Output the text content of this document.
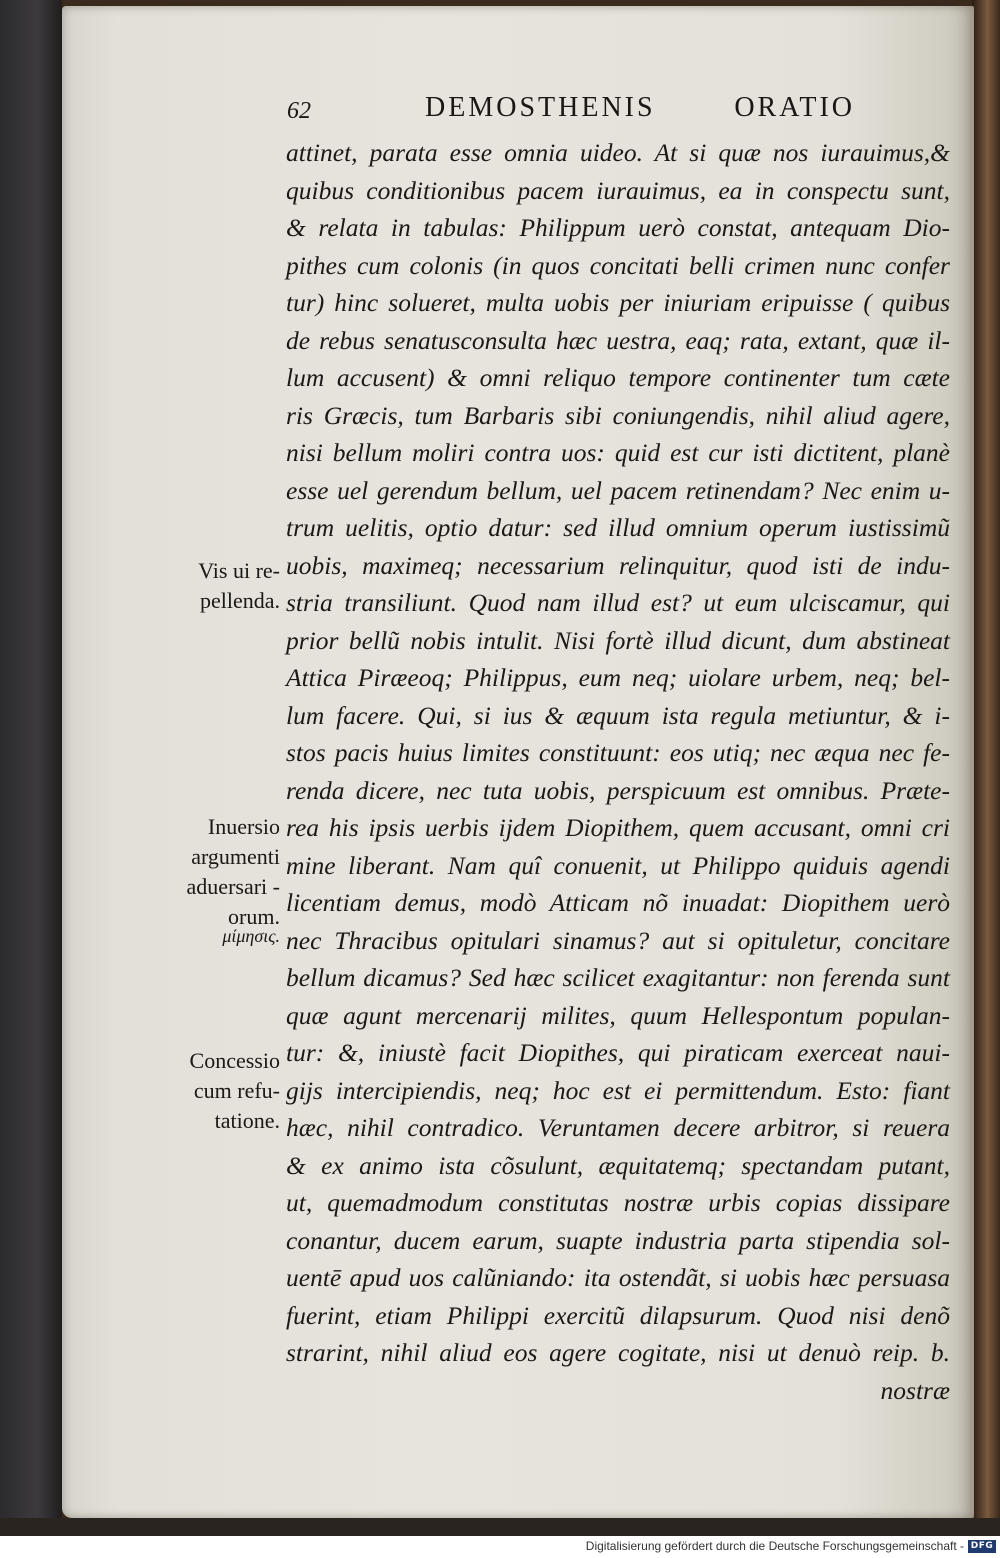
62	DEMOSTHENIS ORATIO
attinet, parata esse omnia uideo. At si quæ nos iurauimus,&
quibus conditionibus pacem iurauimus, ea in conspectu sunt,
& relata in tabulas: Philippum uerò constat, antequam Dio-
pithes cum colonis (in quos concitati belli crimen nunc confer
tur) hinc solueret, multa uobis per iniuriam eripuisse ( quibus
de rebus senatusconsulta hæc uestra, eaq; rata, extant, quæ il-
lum accusent) & omni reliquo tempore continenter tum cæte
ris Græcis, tum Barbaris sibi coniungendis, nihil aliud agere,
nisi bellum moliri contra uos: quid est cur isti dictitent, planè
esse uel gerendum bellum, uel pacem retinendam? Nec enim u-
trum uelitis, optio datur: sed illud omnium operum iustissimũ
uobis, maximeq; necessarium relinquitur, quod isti de indu-
stria transiliunt. Quod nam illud est? ut eum ulciscamur, qui
prior bellũ nobis intulit. Nisi fortè illud dicunt, dum abstineat
Attica Piræeoq; Philippus, eum neq; uiolare urbem, neq; bel-
lum facere. Qui, si ius & æquum ista regula metiuntur, & i-
stos pacis huius limites constituunt: eos utiq; nec æqua nec fe-
renda dicere, nec tuta uobis, perspicuum est omnibus. Præte-
rea his ipsis uerbis ijdem Diopithem, quem accusant, omni cri
mine liberant. Nam quî conuenit, ut Philippo quiduis agendi
licentiam demus, modò Atticam nõ inuadat: Diopithem uerò
nec Thracibus opitulari sinamus? aut si opituletur, concitare
bellum dicamus? Sed hæc scilicet exagitantur: non ferenda sunt
quæ agunt mercenarij milites, quum Hellespontum populan-
tur: &, iniustè facit Diopithes, qui piraticam exerceat naui-
gijs intercipiendis, neq; hoc est ei permittendum. Esto: fiant
hæc, nihil contradico. Veruntamen decere arbitror, si reuera
& ex animo ista cõsulunt, æquitatemq; spectandam putant,
ut, quemadmodum constitutas nostræ urbis copias dissipare
conantur, ducem earum, suapte industria parta stipendia sol-
uentē apud uos calũniando: ita ostendãt, si uobis hæc persuasa
fuerint, etiam Philippi exercitũ dilapsurum. Quod nisi denõ
strarint, nihil aliud eos agere cogitate, nisi ut denuò reip. b.
nostræ
Vis ui re-
pellenda.
Inuersio
argumenti
aduersari -
orum.
μίμησις.
Concessio
cum refu-
tatione.
Digitalisierung gefördert durch die Deutsche Forschungsgemeinschaft - DFG
